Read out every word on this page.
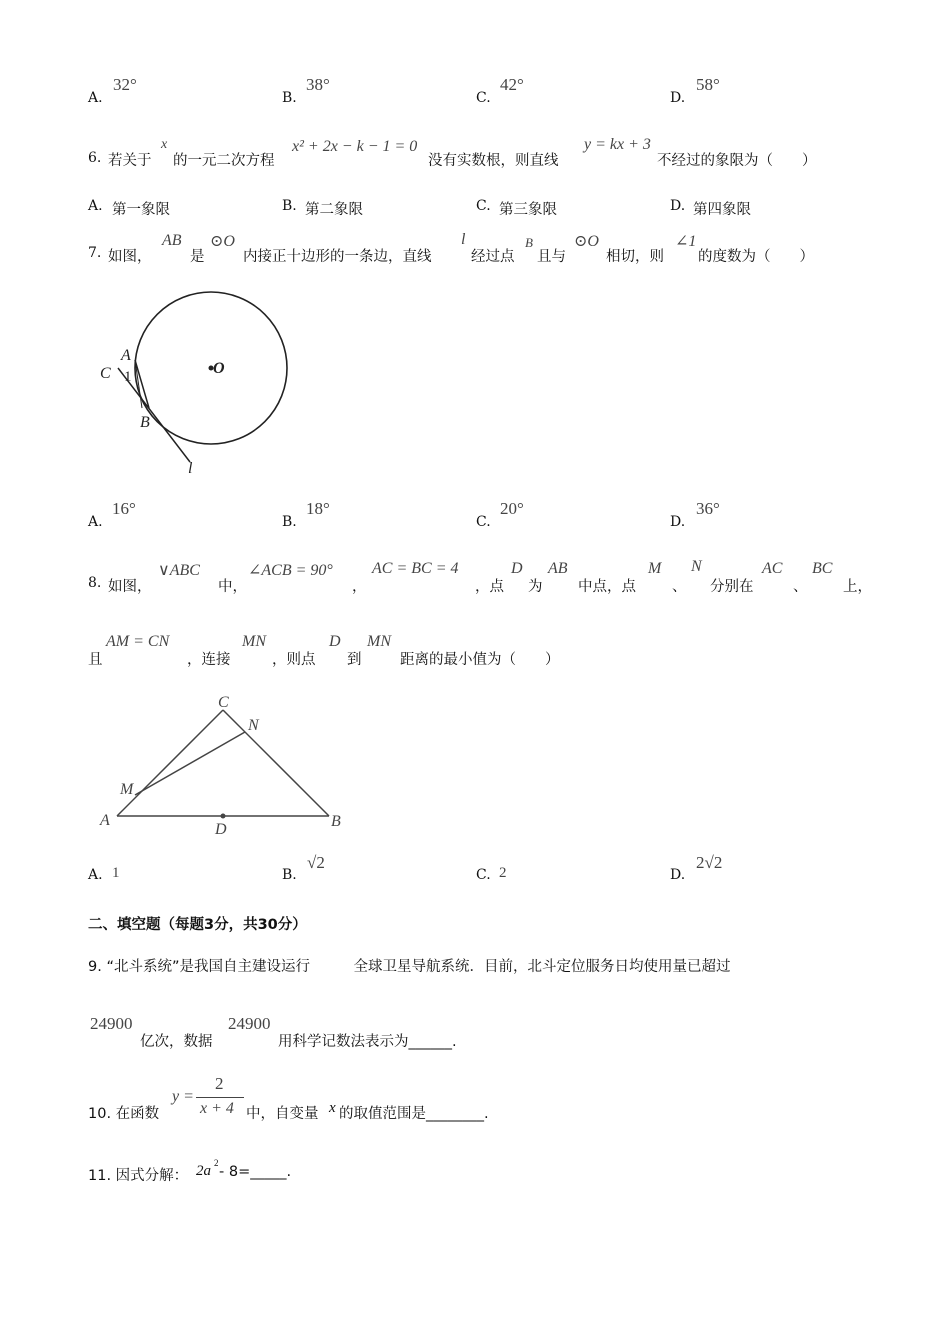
A.
32°
B.
38°
C.
42°
D.
58°
6. 若关于
x
的一元二次方程
x² + 2x − k − 1 = 0
没有实数根，则直线
y = kx + 3
不经过的象限为（　　）
A. 第一象限	B. 第二象限	C. 第三象限	D. 第四象限
7. 如图，
AB
是
⊙O
内接正十边形的一条边，直线
l
经过点
B
且与
⊙O
相切，则
∠1
的度数为（　　）
A
C 1
B
O
l
A.
16°
B.
18°
C.
20°
D.
36°
8. 如图，
∨ABC
中，
∠ACB = 90°
，
AC = BC = 4
，点
D
为
AB
中点，点
M
、
N
分别在
AC
、
BC
上，
且
AM = CN
，连接
MN
，则点
D
到
MN
距离的最小值为（　　）
C
N
M
A
D	B
A. 1	B.
√2
C. 2	D.
2√2
二、填空题（每题3分，共30分）
9. “北斗系统”是我国自主建设运行　　　全球卫星导航系统．目前，北斗定位服务日均使用量已超过
24900
亿次，数据
24900
用科学记数法表示为______.
10. 在函数
y =
2
x + 4 中，自变量 x 的取值范围是________.
11. 因式分解： 2a 2
- 8=_____.
